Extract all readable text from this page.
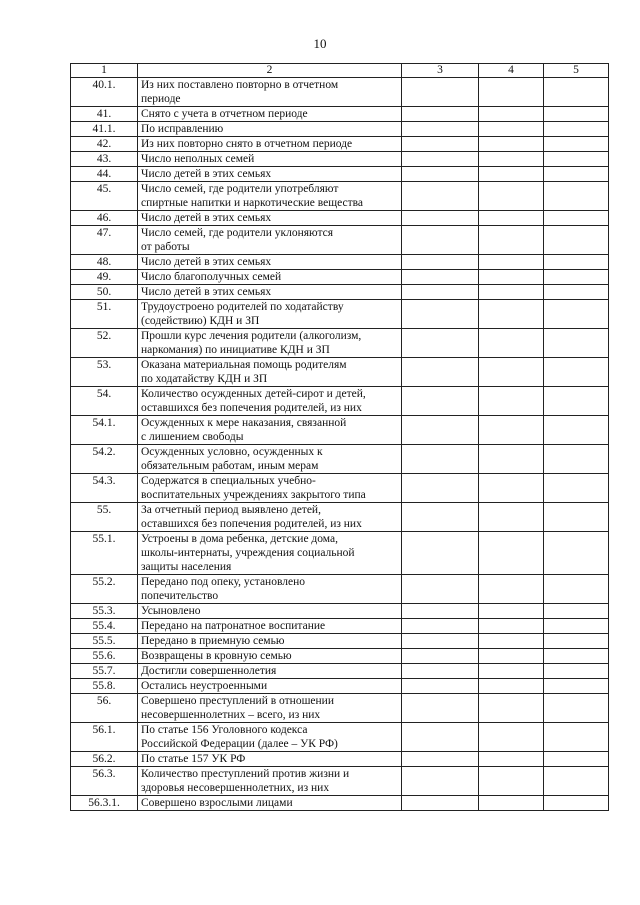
10
1	2	3	4	5
40.1.	Из них поставлено повторно в отчетном
периоде			

41.	Снято с учета в отчетном периоде			

41.1.	По исправлению			

42.	Из них повторно снято в отчетном периоде			

43.	Число неполных семей			

44.	Число детей в этих семьях			

45.	Число семей, где родители употребляют
спиртные напитки и наркотические вещества			

46.	Число детей в этих семьях			

47.	Число семей, где родители уклоняются
от работы			

48.	Число детей в этих семьях			

49.	Число благополучных семей			

50.	Число детей в этих семьях			

51.	Трудоустроено родителей по ходатайству
(содействию) КДН и ЗП			

52.	Прошли курс лечения родители (алкоголизм,
наркомания) по инициативе КДН и ЗП			

53.	Оказана материальная помощь родителям
по ходатайству КДН и ЗП			

54.	Количество осужденных детей-сирот и детей,
оставшихся без попечения родителей, из них			

54.1.	Осужденных к мере наказания, связанной
с лишением свободы			

54.2.	Осужденных условно, осужденных к
обязательным работам, иным мерам			

54.3.	Содержатся в специальных учебно-
воспитательных учреждениях закрытого типа			

55.	За отчетный период выявлено детей,
оставшихся без попечения родителей, из них			

55.1.	Устроены в дома ребенка, детские дома,
школы-интернаты, учреждения социальной
защиты населения			

55.2.	Передано под опеку, установлено
попечительство			

55.3.	Усыновлено			

55.4.	Передано на патронатное воспитание			

55.5.	Передано в приемную семью			

55.6.	Возвращены в кровную семью			

55.7.	Достигли совершеннолетия			

55.8.	Остались неустроенными			

56.	Совершено преступлений в отношении
несовершеннолетних – всего, из них			

56.1.	По статье 156 Уголовного кодекса
Российской Федерации (далее – УК РФ)			

56.2.	По статье 157 УК РФ			

56.3.	Количество преступлений против жизни и
здоровья несовершеннолетних, из них			

56.3.1.	Совершено взрослыми лицами			
